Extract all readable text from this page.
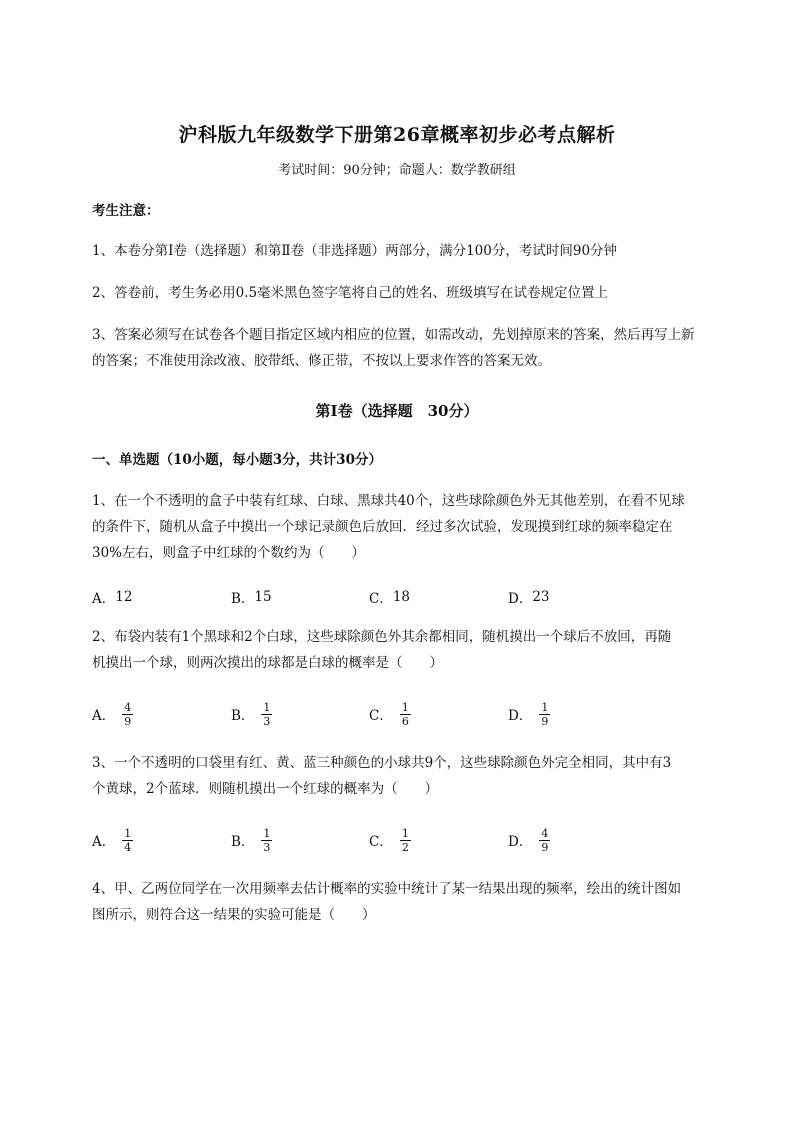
沪科版九年级数学下册第26章概率初步必考点解析
考试时间：90分钟；命题人：数学教研组
考生注意：
1、本卷分第I卷（选择题）和第Ⅱ卷（非选择题）两部分，满分100分，考试时间90分钟
2、答卷前，考生务必用0.5毫米黑色签字笔将自己的姓名、班级填写在试卷规定位置上
3、答案必须写在试卷各个题目指定区域内相应的位置，如需改动，先划掉原来的答案，然后再写上新
的答案；不准使用涂改液、胶带纸、修正带，不按以上要求作答的答案无效。
第I卷（选择题　30分）
一、单选题（10小题，每小题3分，共计30分）
1、在一个不透明的盒子中装有红球、白球、黑球共40个，这些球除颜色外无其他差别，在看不见球
的条件下，随机从盒子中摸出一个球记录颜色后放回．经过多次试验，发现摸到红球的频率稳定在
30%左右，则盒子中红球的个数约为（　　）
A． 12	B． 15	C． 18	D． 23
2、布袋内装有1个黑球和2个白球，这些球除颜色外其余都相同，随机摸出一个球后不放回，再随
机摸出一个球，则两次摸出的球都是白球的概率是（　　）
A． $\frac{4}{9}$	B． $\frac{1}{3}$	C． $\frac{1}{6}$	D． $\frac{1}{9}$
3、一个不透明的口袋里有红、黄、蓝三种颜色的小球共9个，这些球除颜色外完全相同，其中有3
个黄球，2个蓝球．则随机摸出一个红球的概率为（　　）
A． $\frac{1}{4}$	B． $\frac{1}{3}$	C． $\frac{1}{2}$	D． $\frac{4}{9}$
4、甲、乙两位同学在一次用频率去估计概率的实验中统计了某一结果出现的频率，绘出的统计图如
图所示，则符合这一结果的实验可能是（　　）
